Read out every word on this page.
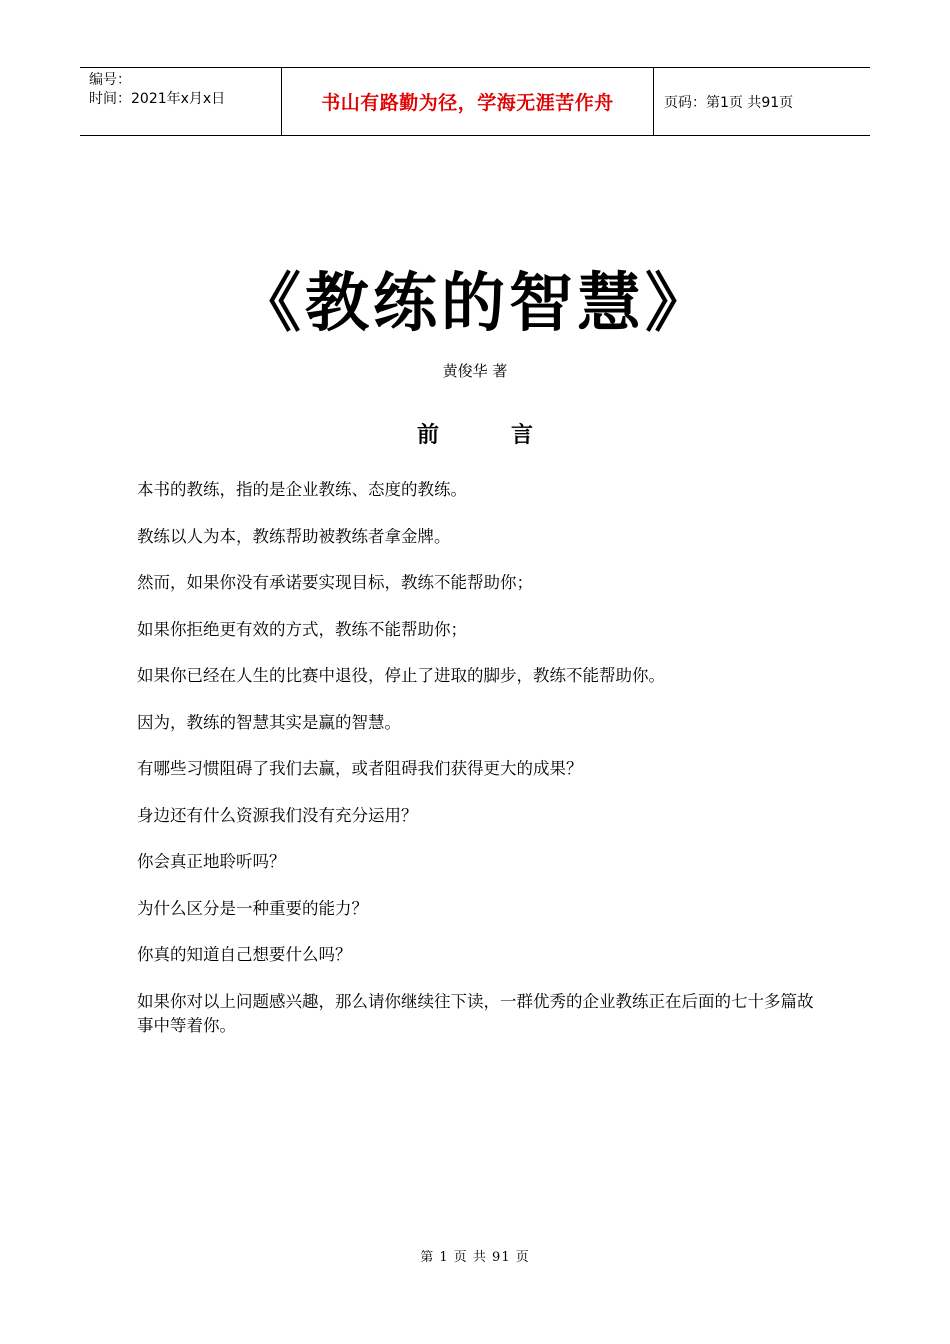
编号：
时间：2021年x月x日	书山有路勤为径，学海无涯苦作舟	页码：第1页 共91页
《教练的智慧》
黄俊华 著
前	言

本书的教练，指的是企业教练、态度的教练。

教练以人为本，教练帮助被教练者拿金牌。

然而，如果你没有承诺要实现目标，教练不能帮助你；

如果你拒绝更有效的方式，教练不能帮助你；

如果你已经在人生的比赛中退役，停止了进取的脚步，教练不能帮助你。

因为，教练的智慧其实是赢的智慧。

有哪些习惯阻碍了我们去赢，或者阻碍我们获得更大的成果？

身边还有什么资源我们没有充分运用？

你会真正地聆听吗？

为什么区分是一种重要的能力？

你真的知道自己想要什么吗？

如果你对以上问题感兴趣，那么请你继续往下读，一群优秀的企业教练正在后面的七十多篇故事中等着你。

第 1 页 共 91 页
